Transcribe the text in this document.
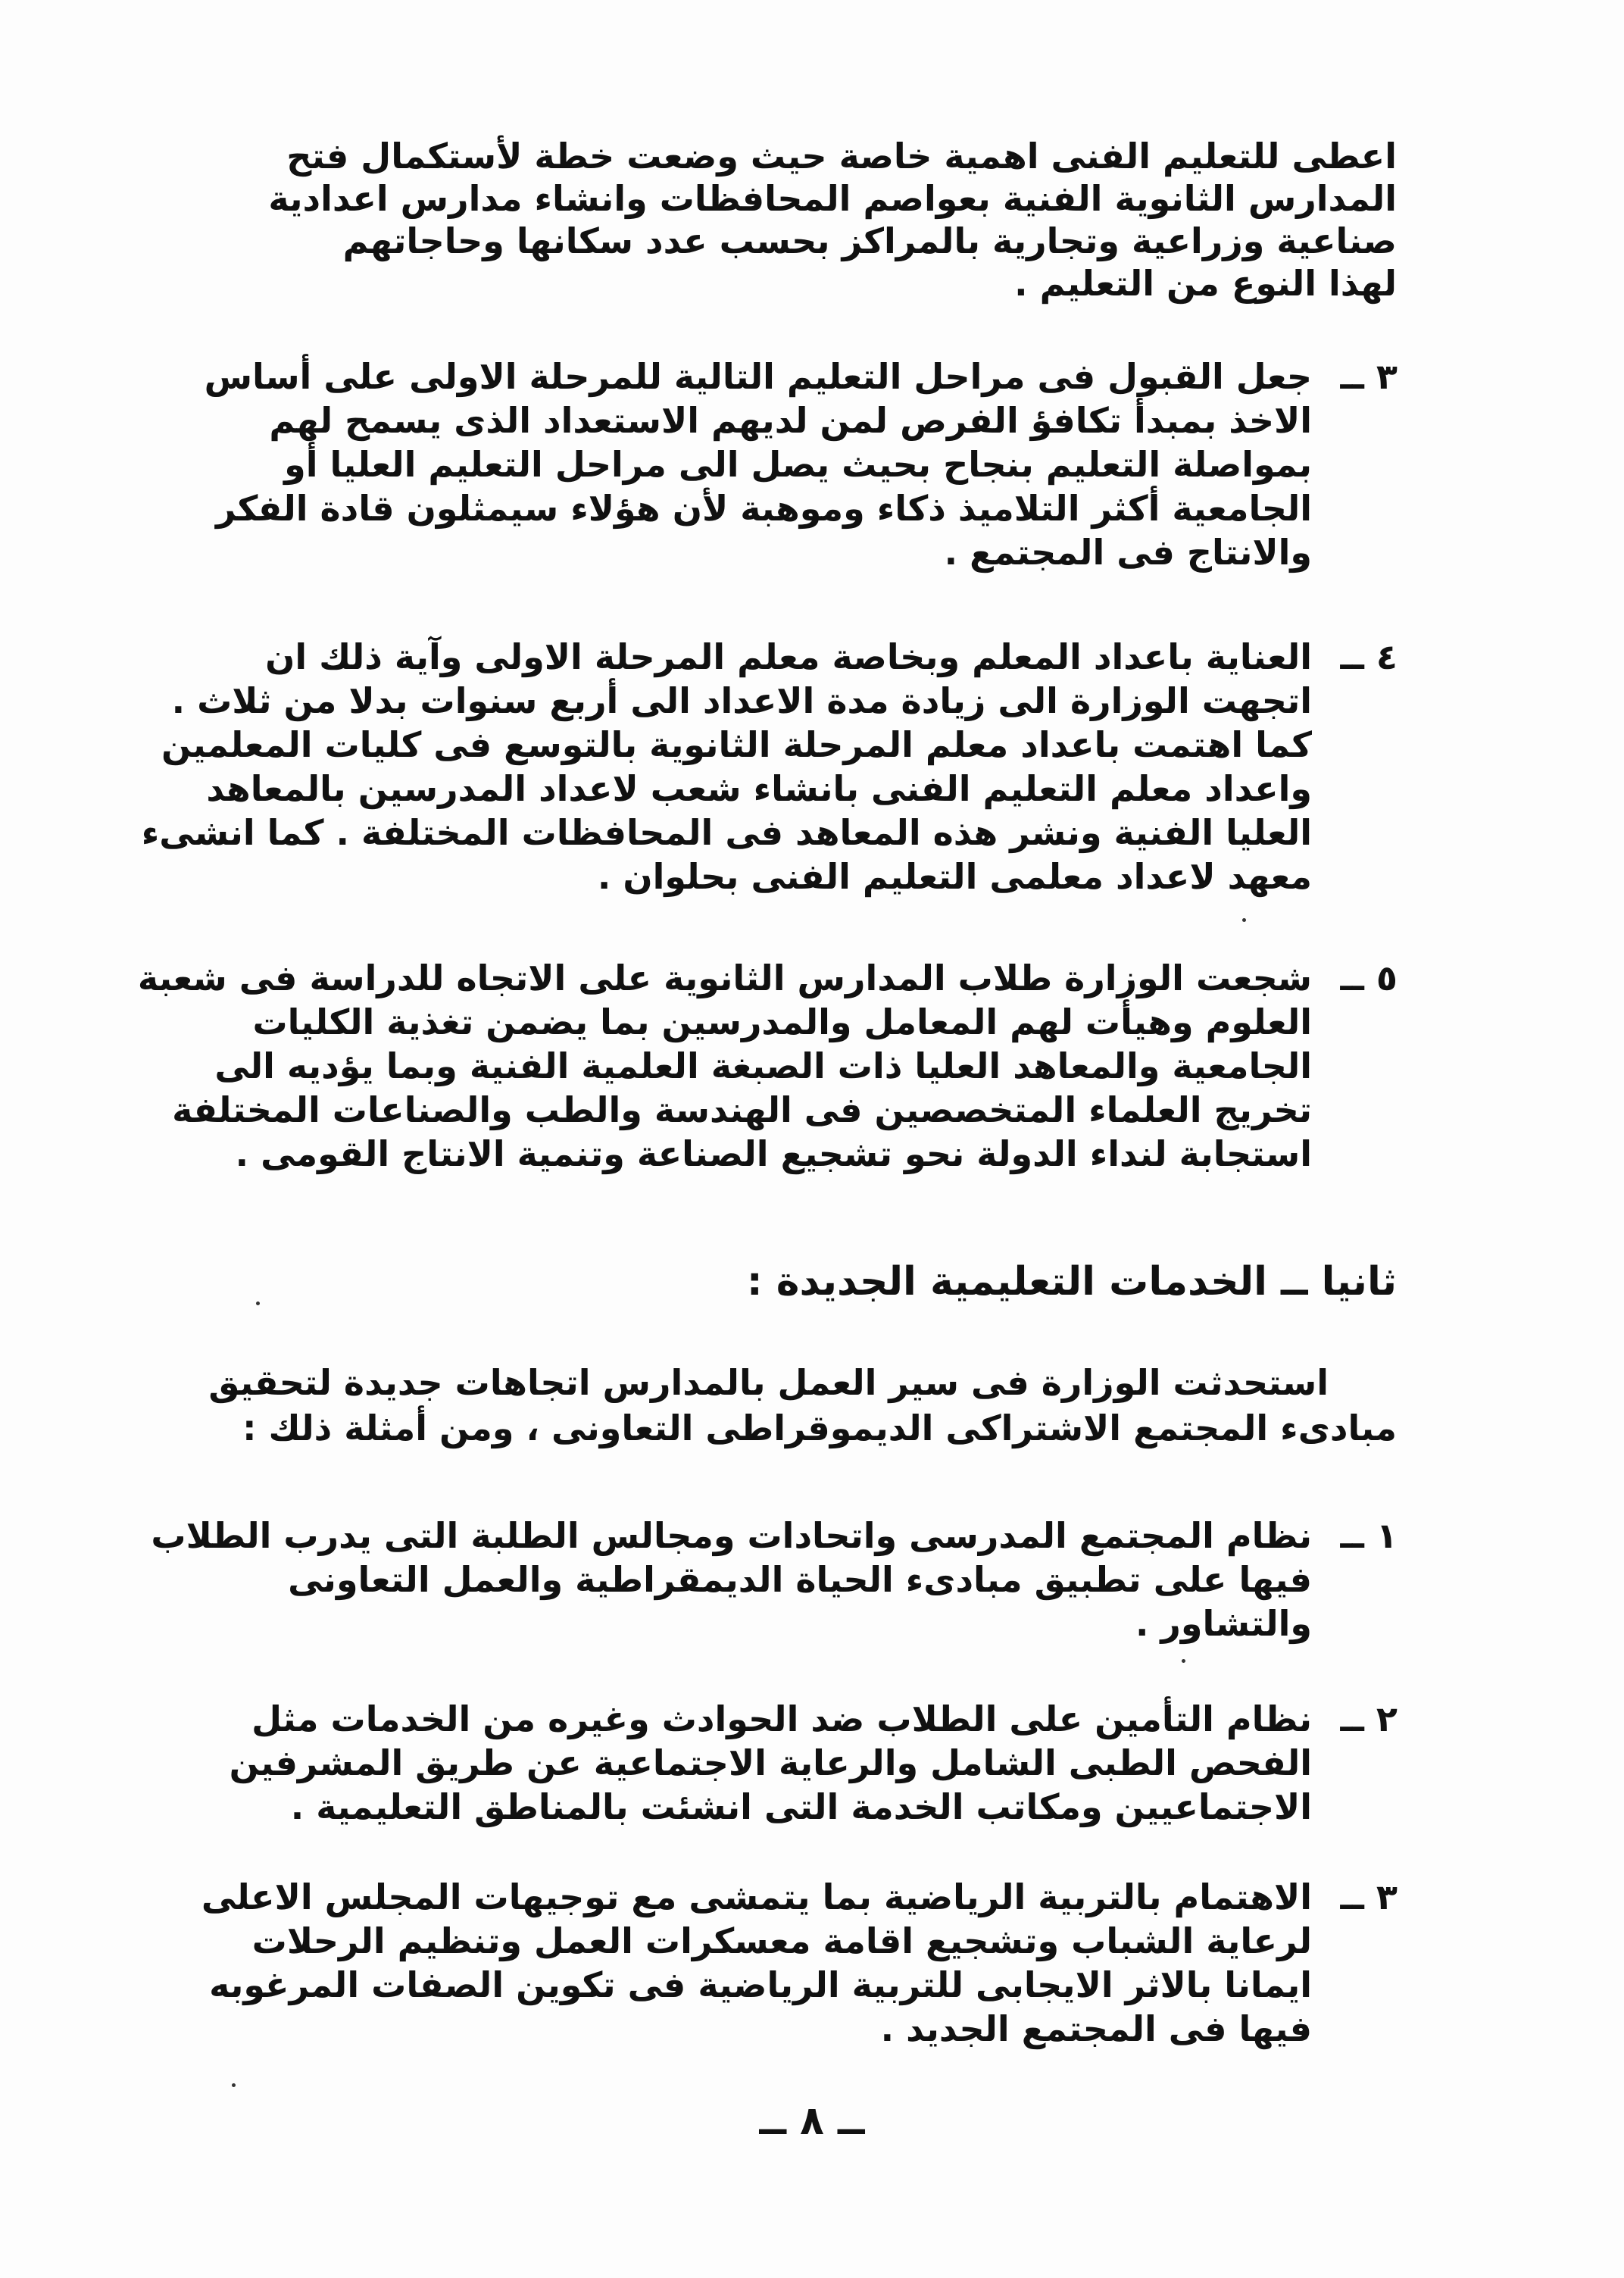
اعطى للتعليم الفنى اهمية خاصة حيث وضعت خطة لأستكمال فتح
المدارس الثانوية الفنية بعواصم المحافظات وانشاء مدارس اعدادية
صناعية وزراعية وتجارية بالمراكز بحسب عدد سكانها وحاجاتهم
لهذا النوع من التعليم .
٣ ــ
جعل القبول فى مراحل التعليم التالية للمرحلة الاولى على أساس
الاخذ بمبدأ تكافؤ الفرص لمن لديهم الاستعداد الذى يسمح لهم
بمواصلة التعليم بنجاح بحيث يصل الى مراحل التعليم العليا أو
الجامعية أكثر التلاميذ ذكاء وموهبة لأن هؤلاء سيمثلون قادة الفكر
والانتاج فى المجتمع .
٤ ــ
العناية باعداد المعلم وبخاصة معلم المرحلة الاولى وآية ذلك ان
اتجهت الوزارة الى زيادة مدة الاعداد الى أربع سنوات بدلا من ثلاث .
كما اهتمت باعداد معلم المرحلة الثانوية بالتوسع فى كليات المعلمين
واعداد معلم التعليم الفنى بانشاء شعب لاعداد المدرسين بالمعاهد
العليا الفنية ونشر هذه المعاهد فى المحافظات المختلفة . كما انشىء
معهد لاعداد معلمى التعليم الفنى بحلوان .
٥ ــ
شجعت الوزارة طلاب المدارس الثانوية على الاتجاه للدراسة فى شعبة
العلوم وهيأت لهم المعامل والمدرسين بما يضمن تغذية الكليات
الجامعية والمعاهد العليا ذات الصبغة العلمية الفنية وبما يؤديه الى
تخريج العلماء المتخصصين فى الهندسة والطب والصناعات المختلفة
استجابة لنداء الدولة نحو تشجيع الصناعة وتنمية الانتاج القومى .
ثانيا ــ الخدمات التعليمية الجديدة :
استحدثت الوزارة فى سير العمل بالمدارس اتجاهات جديدة لتحقيق
مبادىء المجتمع الاشتراكى الديموقراطى التعاونى ، ومن أمثلة ذلك :
١ ــ
نظام المجتمع المدرسى واتحادات ومجالس الطلبة التى يدرب الطلاب
فيها على تطبيق مبادىء الحياة الديمقراطية والعمل التعاونى
والتشاور .
٢ ــ
نظام التأمين على الطلاب ضد الحوادث وغيره من الخدمات مثل
الفحص الطبى الشامل والرعاية الاجتماعية عن طريق المشرفين
الاجتماعيين ومكاتب الخدمة التى انشئت بالمناطق التعليمية .
٣ ــ
الاهتمام بالتربية الرياضية بما يتمشى مع توجيهات المجلس الاعلى
لرعاية الشباب وتشجيع اقامة معسكرات العمل وتنظيم الرحلات
ايمانا بالاثر الايجابى للتربية الرياضية فى تكوين الصفات المرغوبه
فيها فى المجتمع الجديد .
ــ ٨ ــ
